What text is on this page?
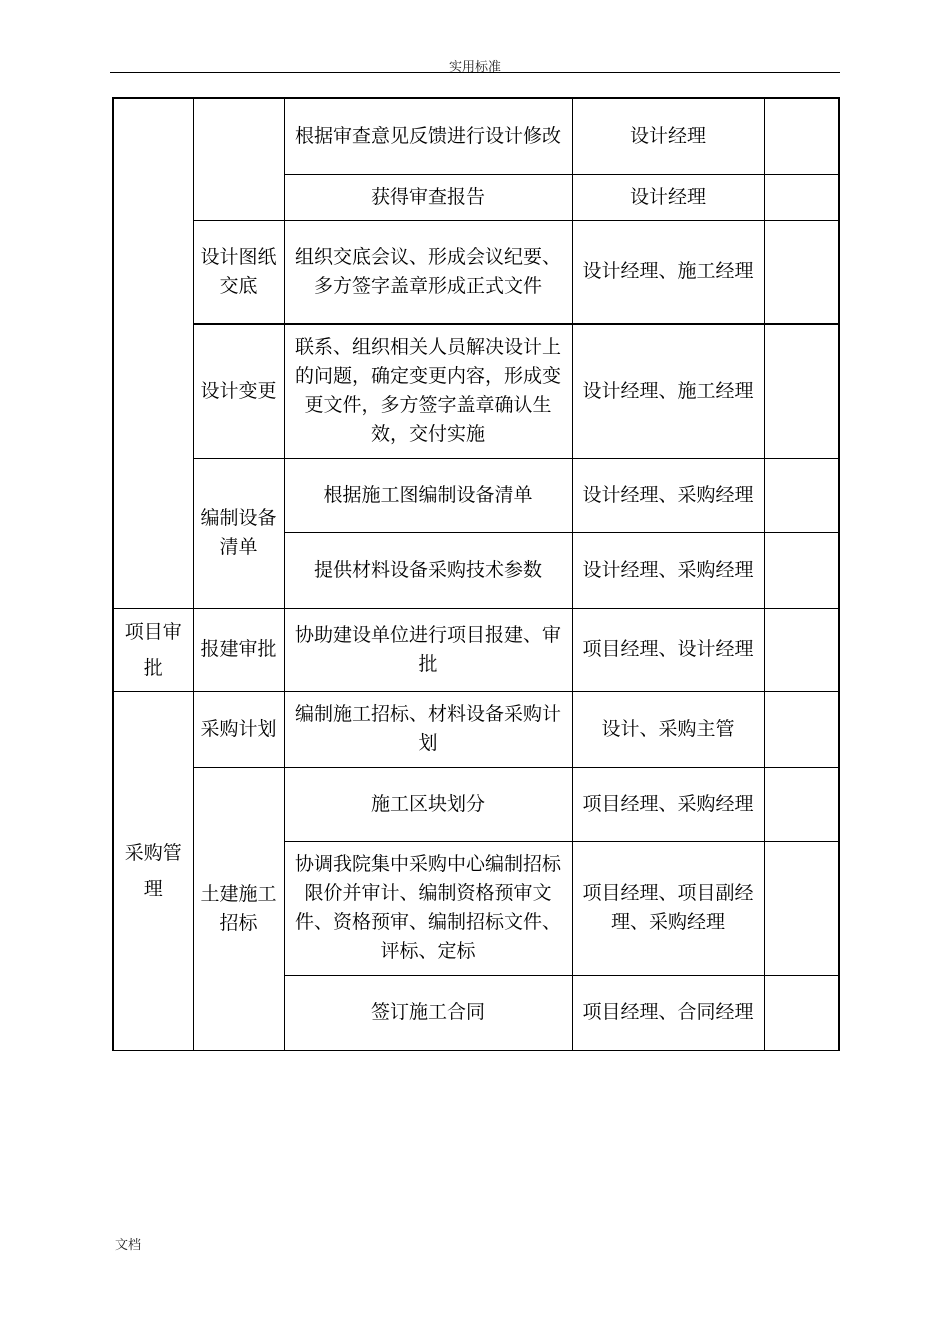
实用标准
		根据审查意见反馈进行设计修改	设计经理	
		获得审查报告	设计经理	
	设计图纸交底	组织交底会议、形成会议纪要、多方签字盖章形成正式文件	设计经理、施工经理	
	设计变更	联系、组织相关人员解决设计上的问题，确定变更内容，形成变更文件，多方签字盖章确认生效，交付实施	设计经理、施工经理	
	编制设备清单	根据施工图编制设备清单	设计经理、采购经理	
		提供材料设备采购技术参数	设计经理、采购经理	
项目审批	报建审批	协助建设单位进行项目报建、审批	项目经理、设计经理	
采购管理	采购计划	编制施工招标、材料设备采购计划	设计、采购主管	
	土建施工招标	施工区块划分	项目经理、采购经理	
		协调我院集中采购中心编制招标限价并审计、编制资格预审文件、资格预审、编制招标文件、评标、定标	项目经理、项目副经理、采购经理	
		签订施工合同	项目经理、合同经理	
文档
